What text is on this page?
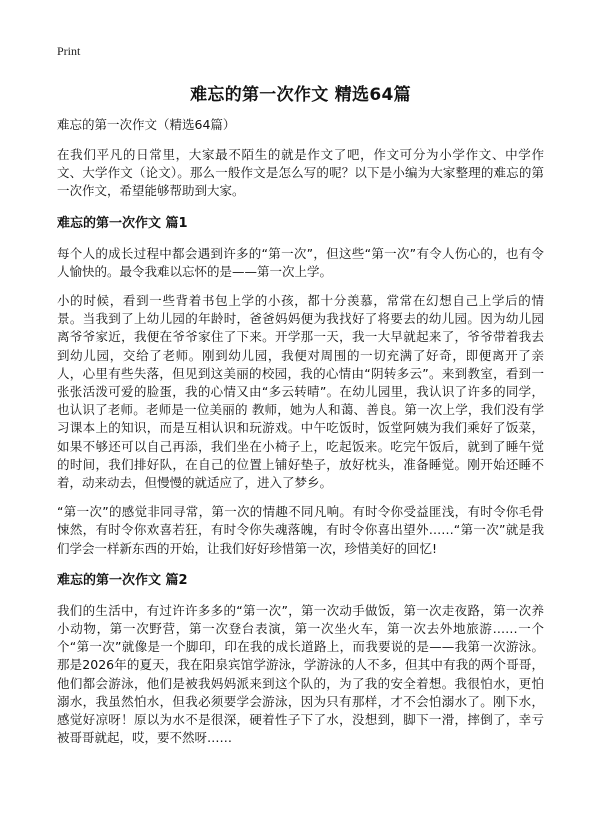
Print
难忘的第一次作文 精选64篇
难忘的第一次作文（精选64篇）

在我们平凡的日常里，大家最不陌生的就是作文了吧，作文可分为小学作文、中学作文、大学作文（论文）。那么一般作文是怎么写的呢？以下是小编为大家整理的难忘的第一次作文，希望能够帮助到大家。

难忘的第一次作文 篇1

每个人的成长过程中都会遇到许多的“第一次”，但这些“第一次”有令人伤心的，也有令人愉快的。最令我难以忘怀的是——第一次上学。

小的时候，看到一些背着书包上学的小孩，都十分羡慕，常常在幻想自己上学后的情景。当我到了上幼儿园的年龄时，爸爸妈妈便为我找好了将要去的幼儿园。因为幼儿园离爷爷家近，我便在爷爷家住了下来。开学那一天，我一大早就起来了，爷爷带着我去到幼儿园，交给了老师。刚到幼儿园，我便对周围的一切充满了好奇，即便离开了亲人，心里有些失落，但见到这美丽的校园，我的心情由“阴转多云”。来到教室，看到一张张活泼可爱的脸蛋，我的心情又由“多云转晴”。在幼儿园里，我认识了许多的同学，也认识了老师。老师是一位美丽的 教师，她为人和蔼、善良。第一次上学，我们没有学习课本上的知识，而是互相认识和玩游戏。中午吃饭时，饭堂阿姨为我们乘好了饭菜，如果不够还可以自己再添，我们坐在小椅子上，吃起饭来。吃完午饭后，就到了睡午觉的时间，我们排好队，在自己的位置上铺好垫子，放好枕头，准备睡觉。刚开始还睡不着，动来动去，但慢慢的就适应了，进入了梦乡。

“第一次”的感觉非同寻常，第一次的情趣不同凡响。有时令你受益匪浅，有时令你毛骨悚然，有时令你欢喜若狂，有时令你失魂落魄，有时令你喜出望外……“第一次”就是我们学会一样新东西的开始，让我们好好珍惜第一次，珍惜美好的回忆!

难忘的第一次作文 篇2

我们的生活中，有过许许多多的“第一次”，第一次动手做饭，第一次走夜路，第一次养小动物，第一次野营，第一次登台表演，第一次坐火车，第一次去外地旅游……一个个“第一次”就像是一个脚印，印在我的成长道路上，而我要说的是——我第一次游泳。那是2026年的夏天，我在阳泉宾馆学游泳，学游泳的人不多，但其中有我的两个哥哥，他们都会游泳，他们是被我妈妈派来到这个队的，为了我的安全着想。我很怕水，更怕溺水，我虽然怕水，但我必须要学会游泳，因为只有那样，才不会怕溺水了。刚下水，感觉好凉呀！原以为水不是很深，硬着性子下了水，没想到，脚下一滑，摔倒了，幸亏被哥哥就起，哎，要不然呀……
